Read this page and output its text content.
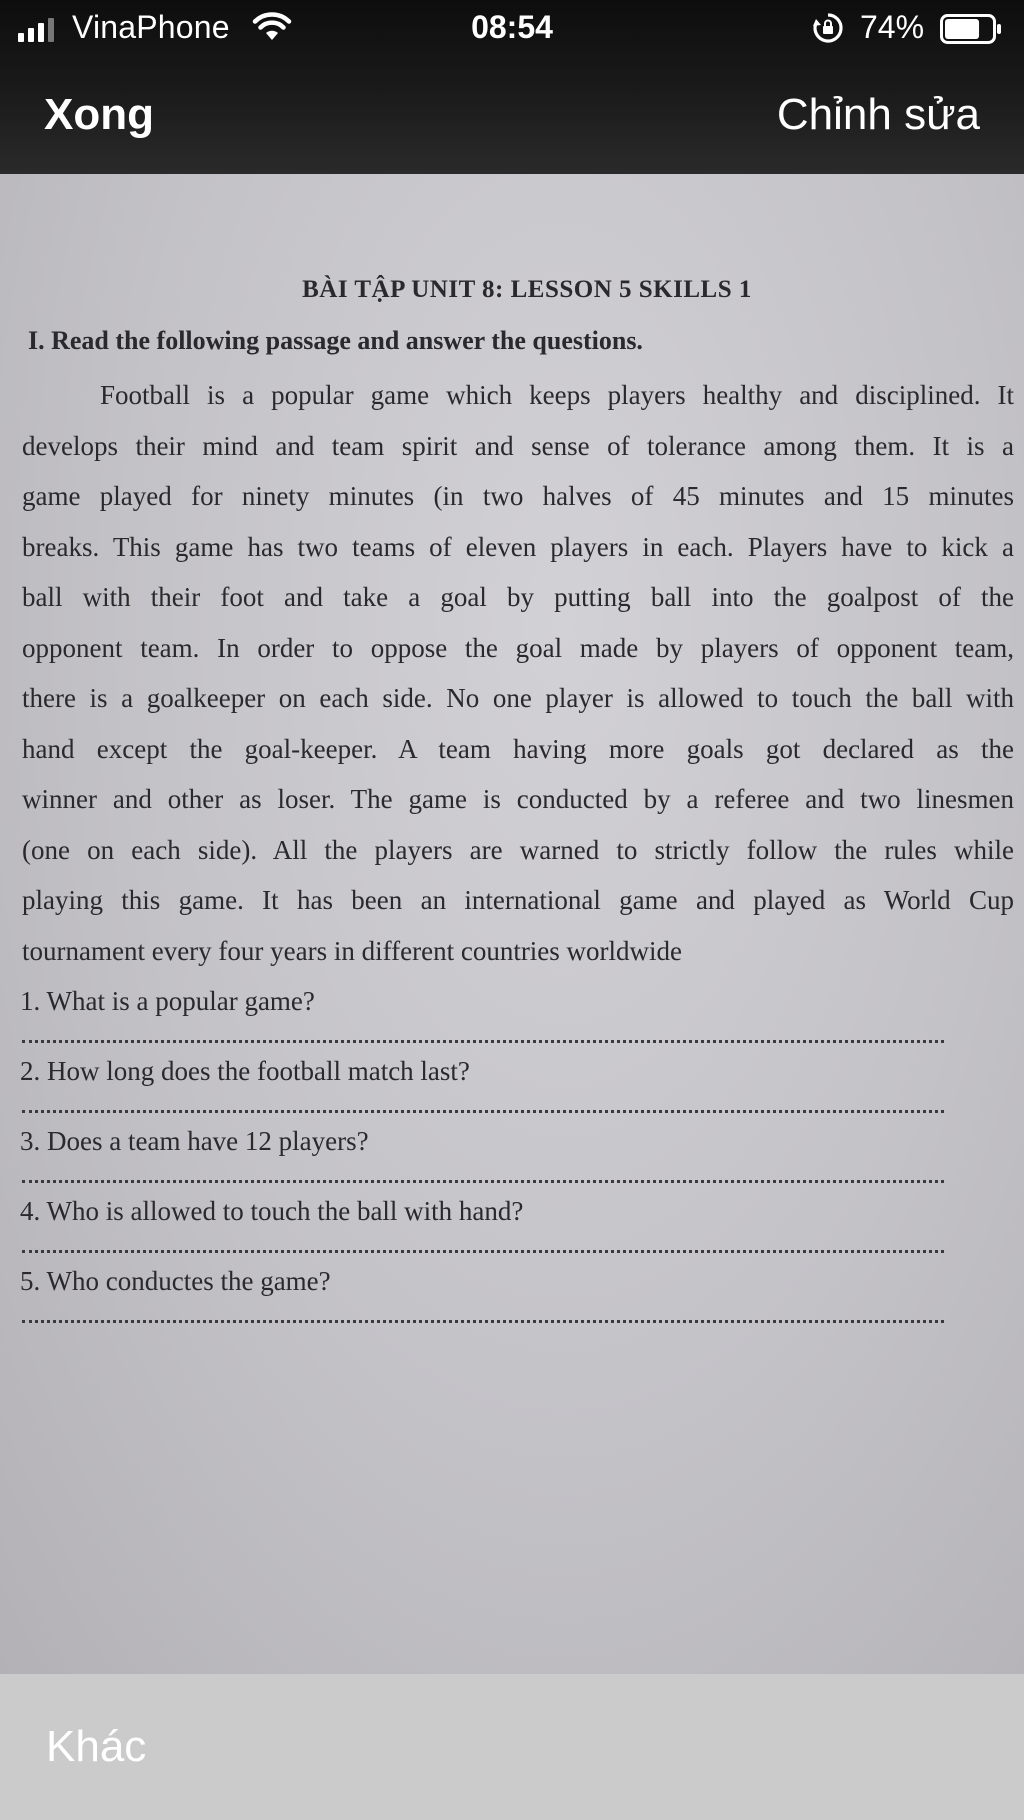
VinaPhone	08:54	74%
Xong	Chỉnh sửa
BÀI TẬP UNIT 8: LESSON 5 SKILLS 1
I. Read the following passage and answer the questions.
Football is a popular game which keeps players healthy and disciplined. It
develops their mind and team spirit and sense of tolerance among them. It is a
game played for ninety minutes (in two halves of 45 minutes and 15 minutes
breaks. This game has two teams of eleven players in each. Players have to kick a
ball with their foot and take a goal by putting ball into the goalpost of the
opponent team. In order to oppose the goal made by players of opponent team,
there is a goalkeeper on each side. No one player is allowed to touch the ball with
hand except the goal-keeper. A team having more goals got declared as the
winner and other as loser. The game is conducted by a referee and two linesmen
(one on each side). All the players are warned to strictly follow the rules while
playing this game. It has been an international game and played as World Cup
tournament every four years in different countries worldwide
1. What is a popular game?
2. How long does the football match last?
3. Does a team have 12 players?
4. Who is allowed to touch the ball with hand?
5. Who conductes the game?
Khác
